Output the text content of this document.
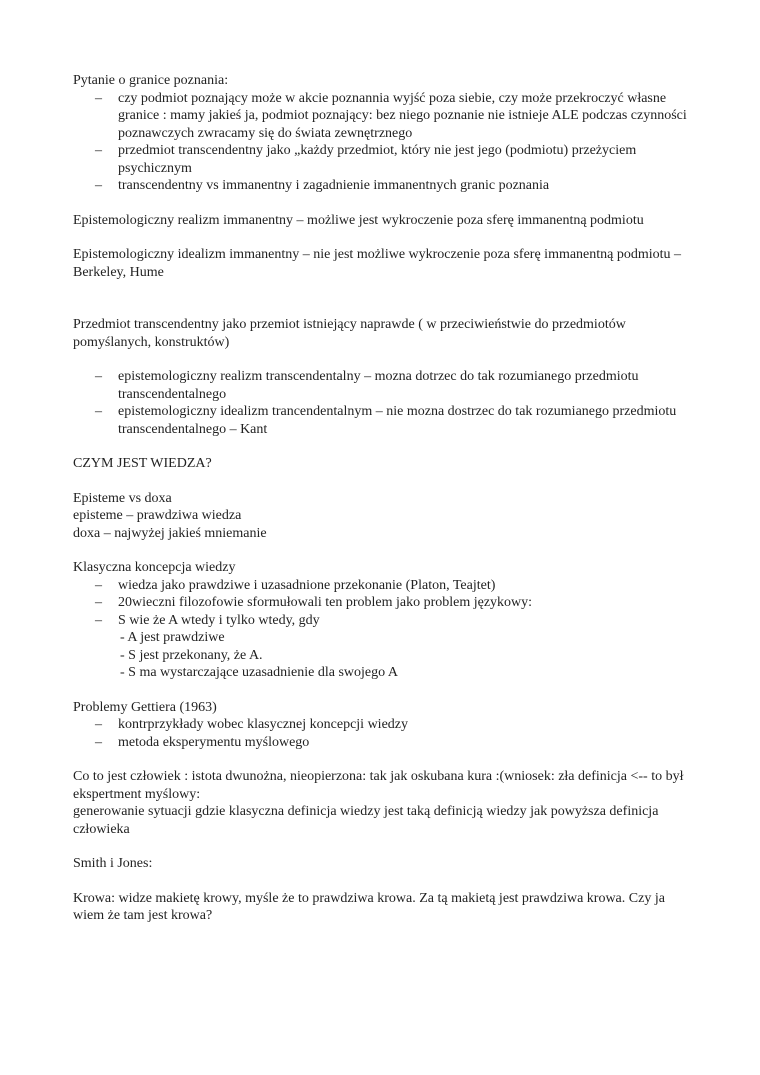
Pytanie o granice poznania:

– czy podmiot poznający może w akcie poznannia wyjść poza siebie, czy może przekroczyć własne granice : mamy jakieś ja, podmiot poznający: bez niego poznanie nie istnieje ALE podczas czynności poznawczych zwracamy się do świata zewnętrznego
– przedmiot transcendentny jako „każdy przedmiot, który nie jest jego (podmiotu) przeżyciem psychicznym
– transcendentny vs immanentny i zagadnienie immanentnych granic poznania

Epistemologiczny realizm immanentny – możliwe jest wykroczenie poza sferę immanentną podmiotu

Epistemologiczny idealizm immanentny – nie jest możliwe wykroczenie poza sferę immanentną podmiotu – Berkeley, Hume

Przedmiot transcendentny jako przemiot istniejący naprawde ( w przeciwieństwie do przedmiotów pomyślanych, konstruktów)

– epistemologiczny realizm transcendentalny – mozna dotrzec do tak rozumianego przedmiotu transcendentalnego
– epistemologiczny idealizm trancendentalnym – nie mozna dostrzec do tak rozumianego przedmiotu transcendentalnego – Kant

CZYM JEST WIEDZA?

Episteme vs doxa

episteme – prawdziwa wiedza

doxa – najwyżej jakieś mniemanie

Klasyczna koncepcja wiedzy

– wiedza jako prawdziwe i uzasadnione przekonanie (Platon, Teajtet)
– 20wieczni filozofowie sformułowali ten problem jako problem językowy:
– S wie że A wtedy i tylko wtedy, gdy
- A jest prawdziwe
- S jest przekonany, że A.
- S ma wystarczające uzasadnienie dla swojego A

Problemy Gettiera (1963)

– kontrprzykłady wobec klasycznej koncepcji wiedzy
– metoda eksperymentu myślowego

Co to jest człowiek : istota dwunożna, nieopierzona: tak jak oskubana kura :(wniosek: zła definicja <-- to był ekspertment myślowy:

generowanie sytuacji gdzie klasyczna definicja wiedzy jest taką definicją wiedzy jak powyższa definicja człowieka

Smith i Jones:

Krowa: widze makietę krowy, myśle że to prawdziwa krowa. Za tą makietą jest prawdziwa krowa. Czy ja wiem że tam jest krowa?
